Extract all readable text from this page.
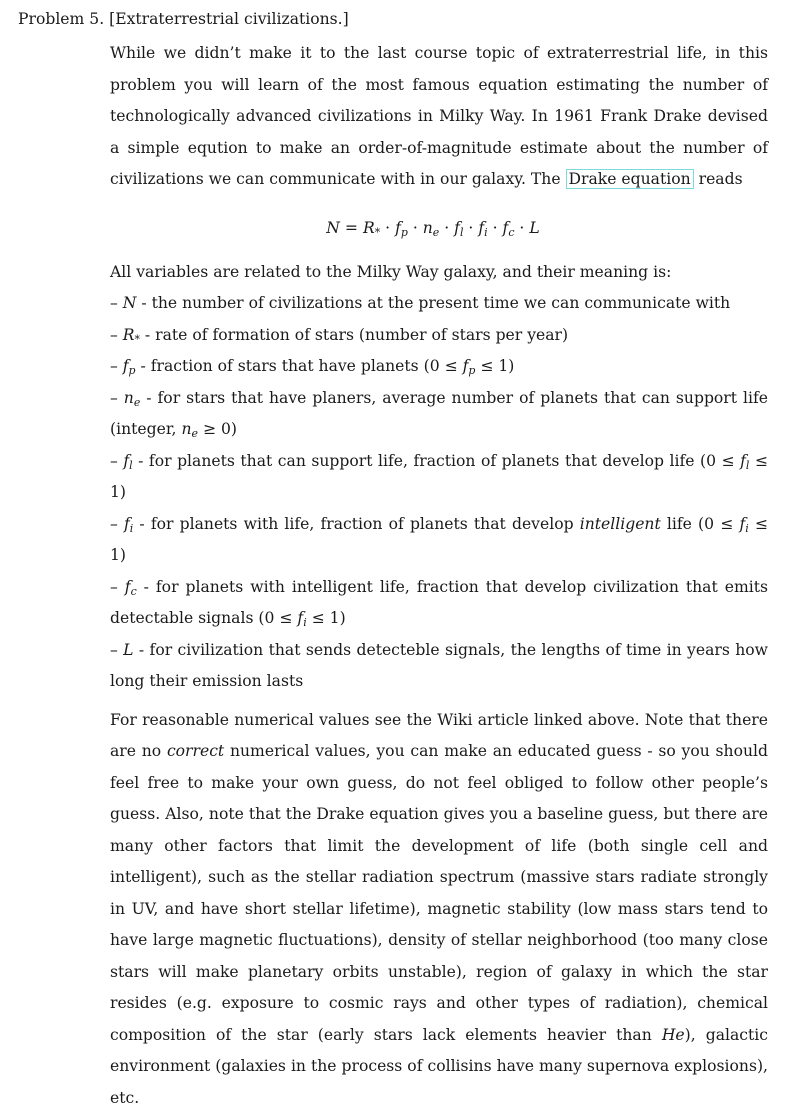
Problem 5. [Extraterrestrial civilizations.]

While we didn’t make it to the last course topic of extraterrestrial life, in this problem you will learn of the most famous equation estimating the number of technologically advanced civilizations in Milky Way. In 1961 Frank Drake devised a simple eqution to make an order-of-magnitude estimate about the number of civilizations we can communicate with in our galaxy. The Drake equation reads

$N = R_* \cdot f_p \cdot n_e \cdot f_l \cdot f_i \cdot f_c \cdot L$

All variables are related to the Milky Way galaxy, and their meaning is:

– N - the number of civilizations at the present time we can communicate with

– $R_*$ - rate of formation of stars (number of stars per year)

– $f_p$ - fraction of stars that have planets $(0 \le f_p \le 1)$

– $n_e$ - for stars that have planers, average number of planets that can support life (integer, $n_e \ge 0$)

– $f_l$ - for planets that can support life, fraction of planets that develop life $(0 \le f_l \le 1)$

– $f_i$ - for planets with life, fraction of planets that develop intelligent life $(0 \le f_i \le 1)$

– $f_c$ - for planets with intelligent life, fraction that develop civilization that emits detectable signals $(0 \le f_i \le 1)$

– L - for civilization that sends detecteble signals, the lengths of time in years how long their emission lasts

For reasonable numerical values see the Wiki article linked above. Note that there are no correct numerical values, you can make an educated guess - so you should feel free to make your own guess, do not feel obliged to follow other people’s guess. Also, note that the Drake equation gives you a baseline guess, but there are many other factors that limit the development of life (both single cell and intelligent), such as the stellar radiation spectrum (massive stars radiate strongly in UV, and have short stellar lifetime), magnetic stability (low mass stars tend to have large magnetic fluctuations), density of stellar neighborhood (too many close stars will make planetary orbits unstable), region of galaxy in which the star resides (e.g. exposure to cosmic rays and other types of radiation), chemical composition of the star (early stars lack elements heavier than He), galactic environment (galaxies in the process of collisins have many supernova explosions), etc.
